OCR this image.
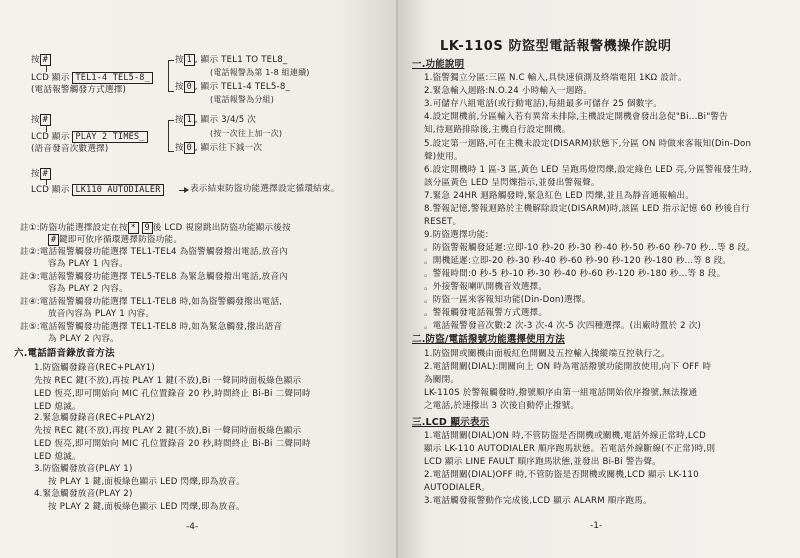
按 #
LCD 顯示 TEL1-4 TEL5-8_
(電話報警觸發方式選擇)
按 1 , 顯示 TEL1 TO TEL8_
(電話報警為第 1-8 組連續)
按 0 , 顯示 TEL1-4 TEL5-8_
(電話報警為分組)
按 #
LCD 顯示 PLAY 2 TIMES_
(語音發音次數選擇)
按 1 , 顯示 3/4/5 次
(按一次往上加一次)
按 0 , 顯示往下減一次
按 #
LCD 顯示 LK110 AUTODIALER	表示結束防盜功能選擇設定循環結束。
註①:防盜功能選擇設定在按 * 9 後 LCD 視窗跳出防盜功能顯示後按
# 鍵即可依序循環選擇防盜功能。
註②:電話報警觸發功能選擇 TEL1-TEL4 為盜警觸發撥出電話,放音內
容為 PLAY 1 內容。
註③:電話報警觸發功能選擇 TEL5-TEL8 為緊急觸發撥出電話,放音內
容為 PLAY 2 內容。
註④:電話報警觸發功能選擇 TEL1-TEL8 時,如為盜警觸發撥出電話,
放音內容為 PLAY 1 內容。
註⑤:電話報警觸發功能選擇 TEL1-TEL8 時,如為緊急觸發,撥出語音
為 PLAY 2 內容。
六.電話語音錄放音方法
1.防盜觸發錄音(REC+PLAY1)
先按 REC 鍵(不放),再按 PLAY 1 鍵(不放),Bi 一聲同時面板綠色顯示
LED 恆亮,即可開始向 MIC 孔位置錄音 20 秒,時間終止 Bi-Bi 二聲同時
LED 熄滅。
2.緊急觸發錄音(REC+PLAY2)
先按 REC 鍵(不放),再按 PLAY 2 鍵(不放),Bi 一聲同時面板綠色顯示
LED 恆亮,即可開始向 MIC 孔位置錄音 20 秒,時間終止 Bi-Bi 二聲同時
LED 熄滅。
3.防盜觸發放音(PLAY 1)
按 PLAY 1 鍵,面板綠色顯示 LED 閃爍,即為放音。
4.緊急觸發放音(PLAY 2)
按 PLAY 2 鍵,面板綠色顯示 LED 閃爍,即為放音。
-4-
LK-110S 防盜型電話報警機操作說明
一.功能說明
1.盜警獨立分區:三區 N.C 輸入,具快速偵測及終端電阻 1KΩ 設計。
2.緊急輸入迴路:N.O.24 小時輸入一迴路。
3.可儲存八組電話(或行動電話),每組最多可儲存 25 個數字。
4.設定開機前,分區輸入若有異常未排除,主機設定開機會發出急促"Bi...Bi"警告
知,待迴路排除後,主機自行設定開機。
5.設定第一迴路,可在主機未設定(DISARM)狀態下,分區 ON 時做來客報知(Din-Don
聲)使用。
6.設定開機時 1 區-3 區,黃色 LED 呈跑馬燈閃爍,設定綠色 LED 亮,分區警報發生時,
該分區黃色 LED 呈閃爍指示,並發出警報聲。
7.緊急 24HR 迴路觸發時,緊急紅色 LED 閃爍,並且為靜音通報輸出。
8.警報記憶,警報迴路於主機解除設定(DISARM)時,該區 LED 指示記憶 60 秒後自行
RESET。
9.防盜選擇功能:
。防盜警報觸發延遲:立即-10 秒-20 秒-30 秒-40 秒-50 秒-60 秒-70 秒...等 8 段。
。開機延遲:立即-20 秒-30 秒-40 秒-60 秒-90 秒-120 秒-180 秒...等 8 段。
。警報時間:0 秒-5 秒-10 秒-30 秒-40 秒-60 秒-120 秒-180 秒...等 8 段。
。外接警報喇叭開機音效選擇。
。防盜一區來客報知功能(Din-Don)選擇。
。警報觸發電話報警方式選擇。
。電話報警發音次數:2 次-3 次-4 次-5 次四種選擇。(出廠時置於 2 次)
二.防盜/電話撥號功能選擇使用方法
1.防盜開或關機由面板紅色開關及五控輸入操縱端互控執行之。
2.電話開關(DIAL):開關向上 ON 時為電話撥號功能開放使用,向下 OFF 時
為關閉。
LK-110S 於警報觸發時,撥號順序由第一組電話開始依序撥號,無法撥通
之電話,於速撥出 3 次後自動停止撥號。
三.LCD 顯示表示
1.電話開關(DIAL)ON 時,不管防盜是否開機或關機,電話外線正常時,LCD
顯示 LK-110 AUTODIALER 順序跑馬狀態。若電話外線斷線(不正常)時,則
LCD 顯示 LINE FAULT 順序跑馬狀態,並發出 Bi-Bi 警告聲。
2.電話開關(DIAL)OFF 時,不管防盜是否開機或關機,LCD 顯示 LK-110
AUTODIALER。
3.電話觸發報警動作完成後,LCD 顯示 ALARM 順序跑馬。
-1-
